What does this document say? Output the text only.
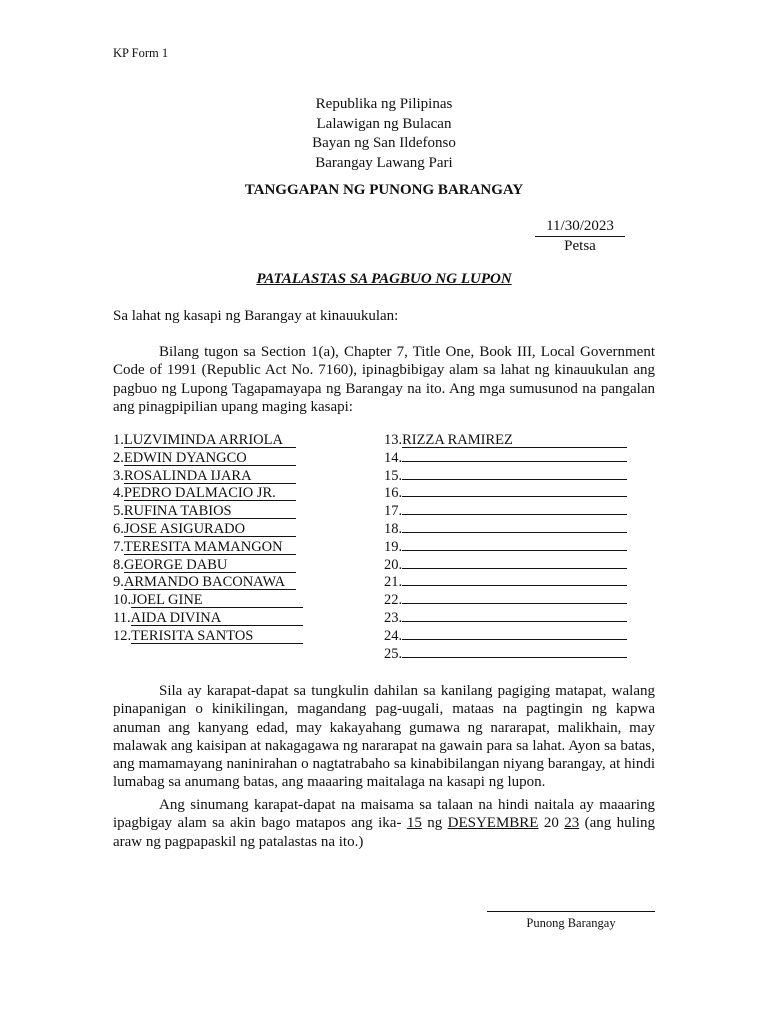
KP Form 1
Republika ng Pilipinas
Lalawigan ng Bulacan
Bayan ng San Ildefonso
Barangay Lawang Pari
TANGGAPAN NG PUNONG BARANGAY
11/30/2023
Petsa
PATALASTAS SA PAGBUO NG LUPON
Sa lahat ng kasapi ng Barangay at kinauukulan:

Bilang tugon sa Section 1(a), Chapter 7, Title One, Book III, Local Government Code of 1991 (Republic Act No. 7160), ipinagbibigay alam sa lahat ng kinauukulan ang pagbuo ng Lupong Tagapamayapa ng Barangay na ito. Ang mga sumusunod na pangalan ang pinagpipilian upang maging kasapi:

1.LUZVIMINDA ARRIOLA
2.EDWIN DYANGCO
3.ROSALINDA IJARA
4.PEDRO DALMACIO JR.
5.RUFINA TABIOS
6.JOSE ASIGURADO
7.TERESITA MAMANGON
8.GEORGE DABU
9.ARMANDO BACONAWA
10.JOEL GINE
11.AIDA DIVINA
12.TERISITA SANTOS
13.RIZZA RAMIREZ
14.
15.
16.
17.
18.
19.
20.
21.
22.
23.
24.
25.

Sila ay karapat-dapat sa tungkulin dahilan sa kanilang pagiging matapat, walang pinapanigan o kinikilingan, magandang pag-uugali, mataas na pagtingin ng kapwa anuman ang kanyang edad, may kakayahang gumawa ng nararapat, malikhain, may malawak ang kaisipan at nakagagawa ng nararapat na gawain para sa lahat. Ayon sa batas, ang mamamayang naninirahan o nagtatrabaho sa kinabibilangan niyang barangay, at hindi lumabag sa anumang batas, ang maaaring maitalaga na kasapi ng lupon.

Ang sinumang karapat-dapat na maisama sa talaan na hindi naitala ay maaaring ipagbigay alam sa akin bago matapos ang ika- 15 ng DESYEMBRE 20 23 (ang huling araw ng pagpapaskil ng patalastas na ito.)

Punong Barangay
